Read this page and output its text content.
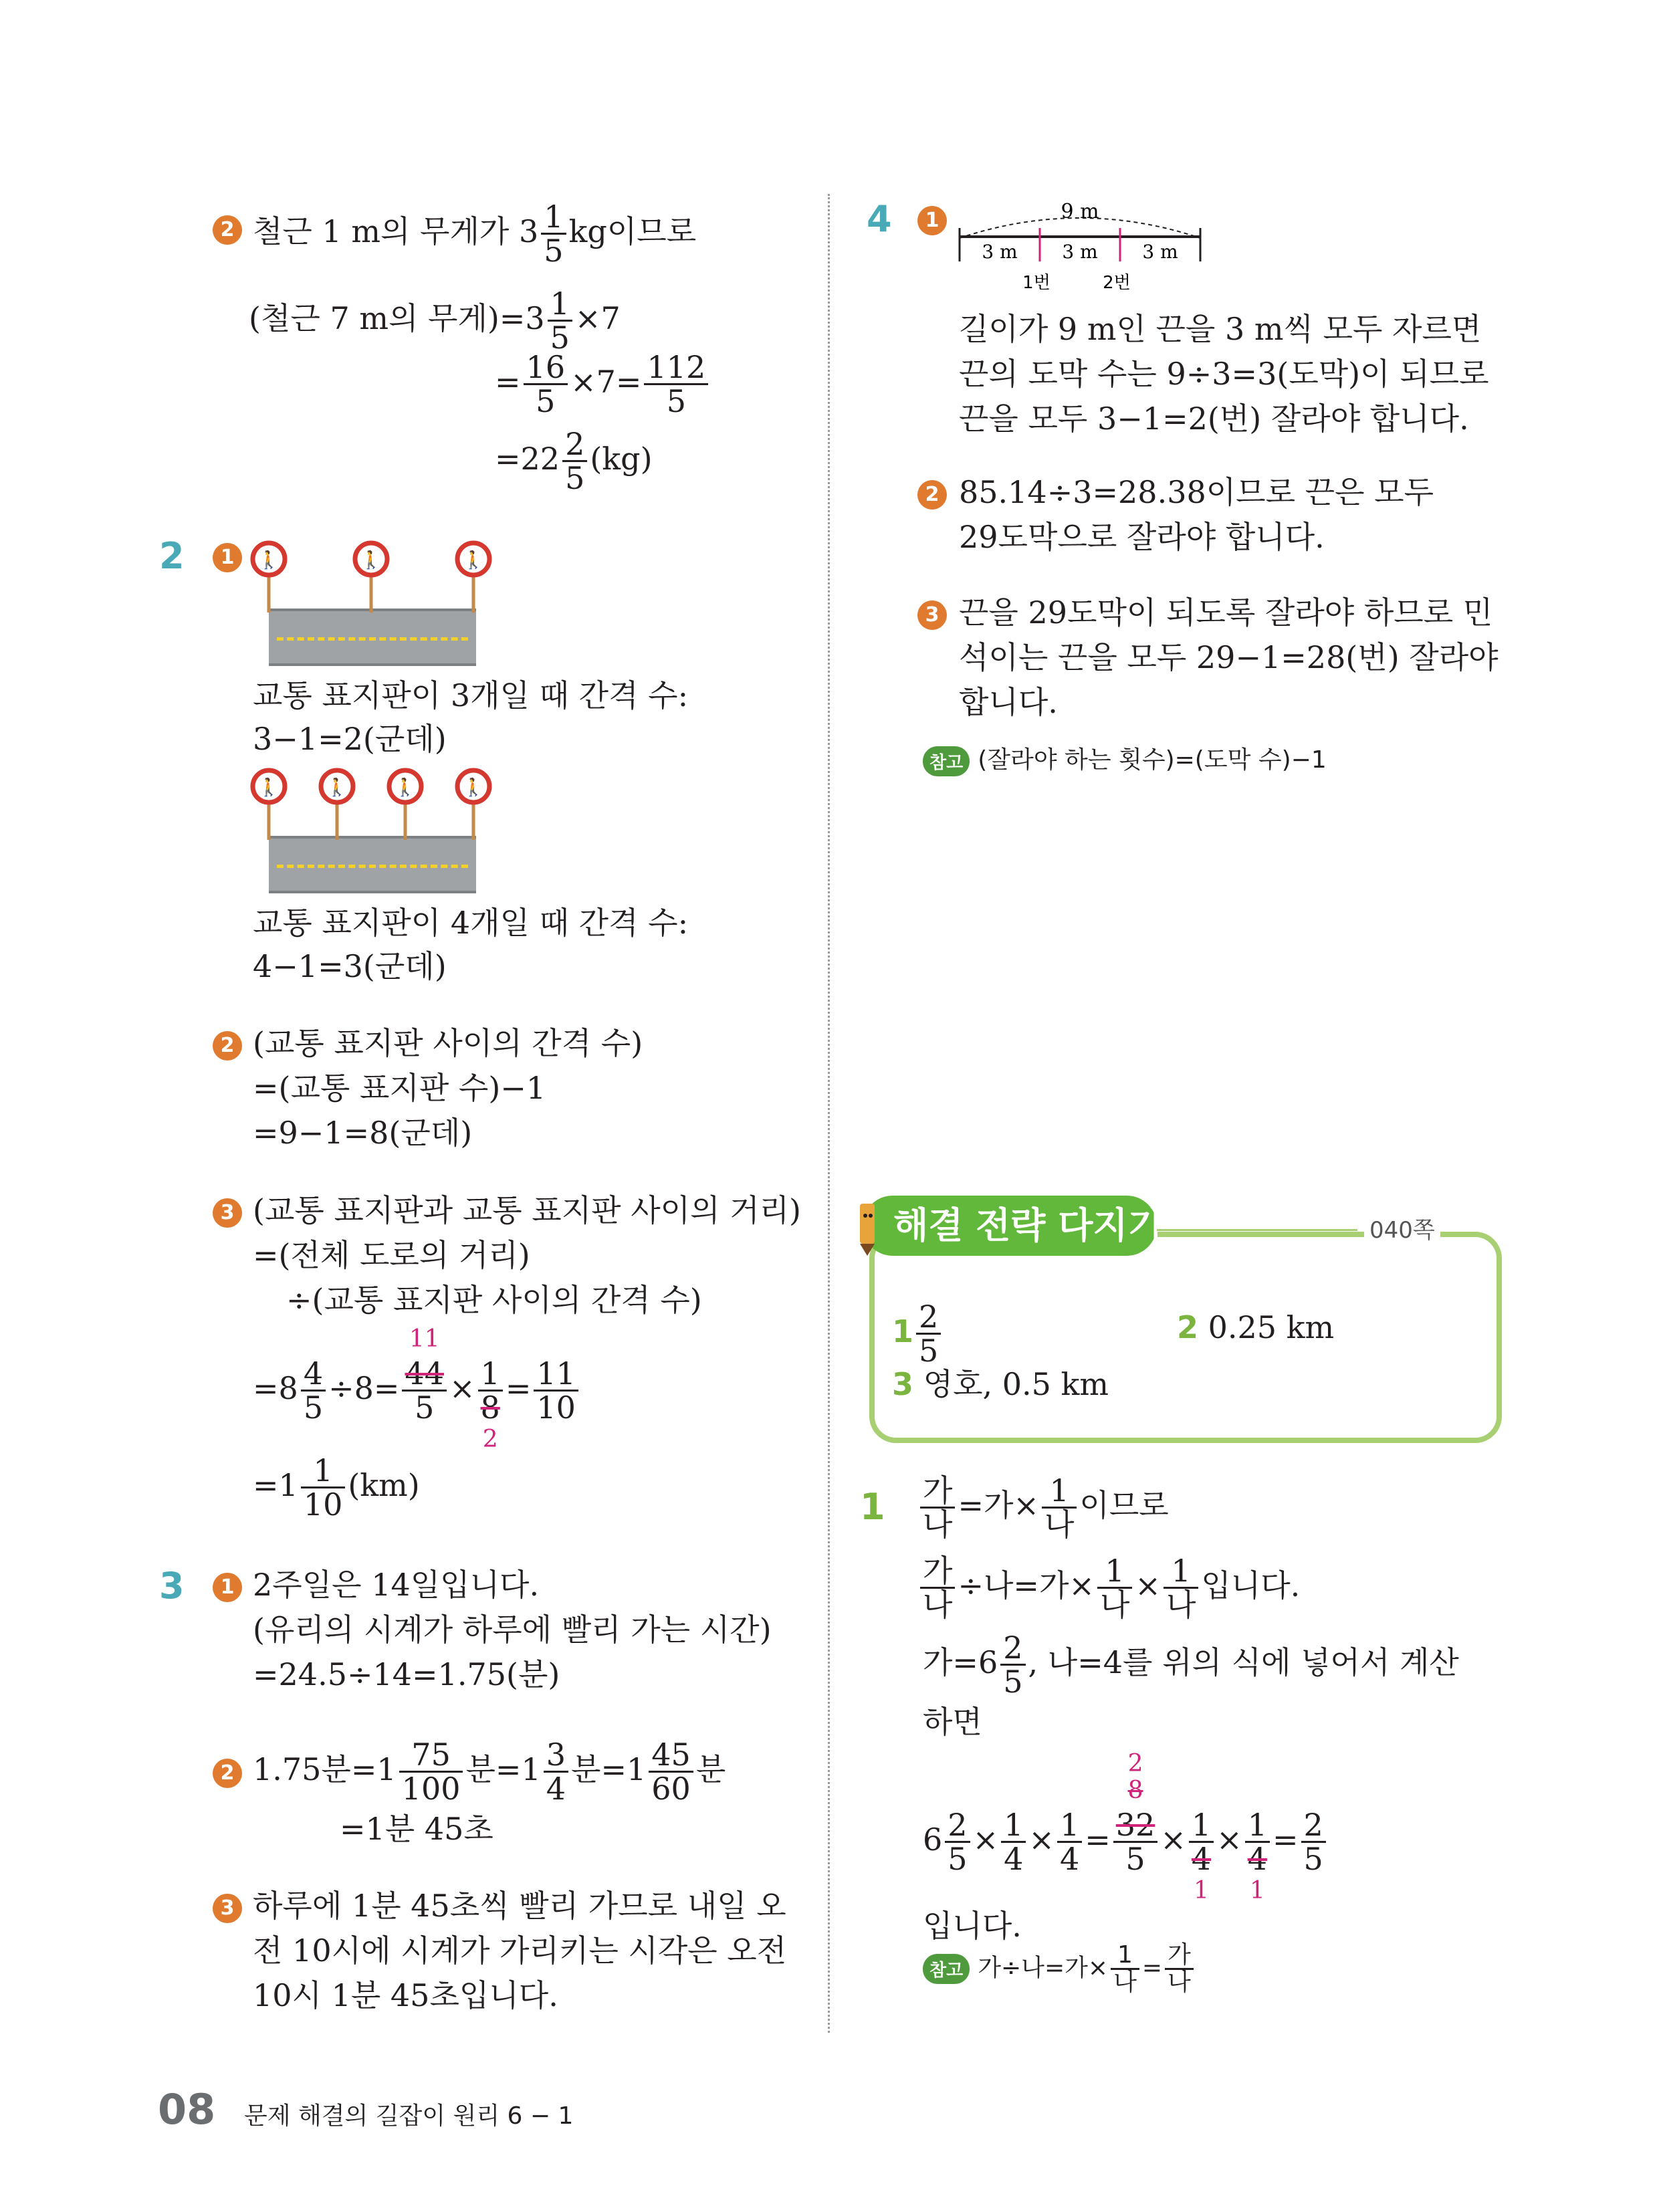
2 철근 1 m의 무게가 $3 \frac{1}{5}$ kg이므로
(철근 7 m의 무게)$=3 \frac{1}{5} \times 7$
= $\frac{16}{5} \times 7= \frac{112}{5}$
$=22 \frac{2}{5} (kg)$
2	1	🚶	🚶	🚶
교통 표지판이 3개일 때 간격 수:
3−1=2(군데)
🚶	🚶	🚶	🚶
교통 표지판이 4개일 때 간격 수:
4−1=3(군데)
2 (교통 표지판 사이의 간격 수)
=(교통 표지판 수)−1
=9−1=8(군데)
3 (교통 표지판과 교통 표지판 사이의 거리)
=(전체 도로의 거리)
÷(교통 표지판 사이의 간격 수)
$=8 \frac{4}{5} \div 8=$
11
44
5
× 1
8
2
= $\frac{11}{10}$
$=1 \frac{1}{10} (km)$
3	1 2주일은 14일입니다.
(유리의 시계가 하루에 빨리 가는 시간)
=24.5÷14=1.75(분)
2 1.75분$=1 \frac{75}{100}$ 분$=1 \frac{3}{4}$ 분$=1 \frac{45}{60}$ 분
=1분 45초
3 하루에 1분 45초씩 빨리 가므로 내일 오
전 10시에 시계가 가리키는 시각은 오전
10시 1분 45초입니다.
4	1	9 m
3 m 3 m 3 m
1번	2번
길이가 9 m인 끈을 3 m씩 모두 자르면
끈의 도막 수는 9÷3=3(도막)이 되므로
끈을 모두 3−1=2(번) 잘라야 합니다.
2 85.14÷3=28.38이므로 끈은 모두
29도막으로 잘라야 합니다.
3 끈을 29도막이 되도록 잘라야 하므로 민
석이는 끈을 모두 29−1=28(번) 잘라야
합니다.
참고 (잘라야 하는 횟수)=(도막 수)−1
해결 전략 다지기	040쪽
$1 \frac{2}{5}$	2 0.25 km
3 영호, 0.5 km
$1 \frac{\text{가}}{\text{나}}$ =가× $\frac{1}{\text{나}}$ 이므로
$\frac{\text{가}}{\text{나}}$ ÷나=가× $\frac{1}{\text{나}} \times \frac{1}{\text{나}}$ 입니다.
가$=6 \frac{2}{5}$ , 나=4를 위의 식에 넣어서 계산
하면
$6 \frac{2}{5} \times \frac{1}{4} \times \frac{1}{4}$ =
2
8
32
5
× 1
4
1
× 1
4
1
= $\frac{2}{5}$
입니다.
참고 가÷나=가× $\frac{1}{\text{나}} = \frac{\text{가}}{\text{나}}$
08 문제 해결의 길잡이 원리 6 − 1
